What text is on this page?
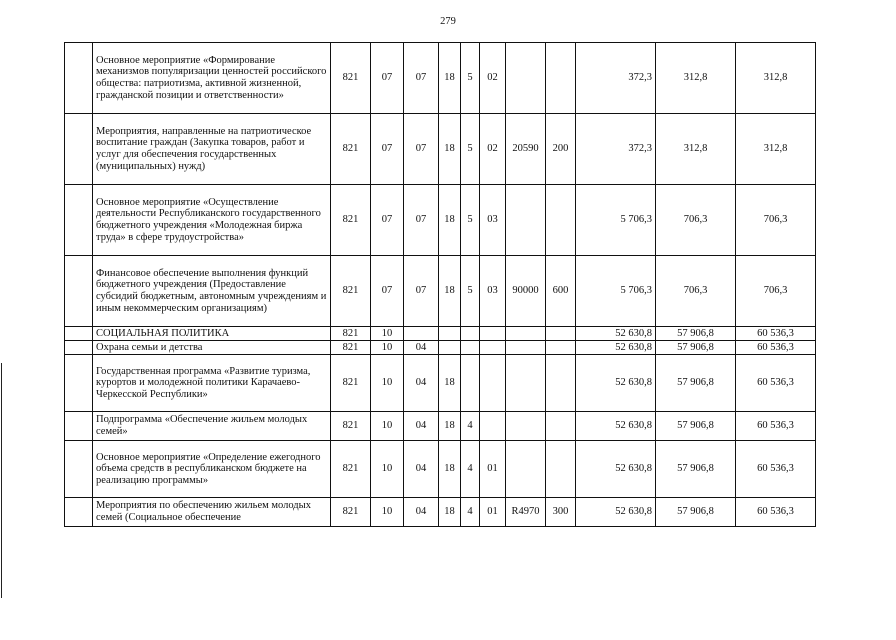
279
	Основное мероприятие «Формирование механизмов популяризации ценностей российского общества: патриотизма, активной жизненной, гражданской позиции и ответственности»	821	07	07	18	5	02			372,3	312,8	312,8
	Мероприятия, направленные на патриотическое воспитание граждан (Закупка товаров, работ и услуг для обеспечения государственных (муниципальных) нужд)	821	07	07	18	5	02	20590	200	372,3	312,8	312,8
	Основное мероприятие «Осуществление деятельности Республиканского государственного бюджетного учреждения «Молодежная биржа труда» в сфере трудоустройства»	821	07	07	18	5	03			5 706,3	706,3	706,3
	Финансовое обеспечение выполнения функций бюджетного учреждения (Предоставление субсидий бюджетным, автономным учреждениям и иным некоммерческим организациям)	821	07	07	18	5	03	90000	600	5 706,3	706,3	706,3
	СОЦИАЛЬНАЯ ПОЛИТИКА	821	10							52 630,8	57 906,8	60 536,3
	Охрана семьи и детства	821	10	04						52 630,8	57 906,8	60 536,3
	Государственная программа «Развитие туризма, курортов и молодежной политики Карачаево-Черкесской Республики»	821	10	04	18					52 630,8	57 906,8	60 536,3
	Подпрограмма «Обеспечение жильем молодых семей»	821	10	04	18	4				52 630,8	57 906,8	60 536,3
	Основное мероприятие «Определение ежегодного объема средств в республиканском бюджете на реализацию программы»	821	10	04	18	4	01			52 630,8	57 906,8	60 536,3
	Мероприятия по обеспечению жильем молодых семей (Социальное обеспечение	821	10	04	18	4	01	R4970	300	52 630,8	57 906,8	60 536,3
